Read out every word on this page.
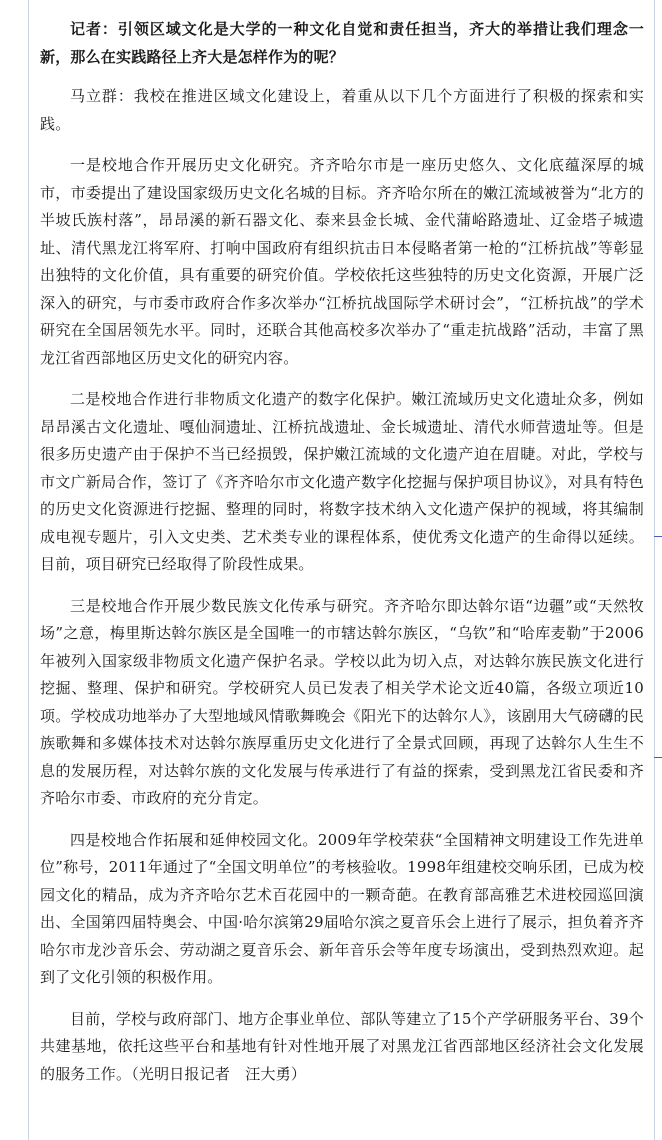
记者：引领区域文化是大学的一种文化自觉和责任担当，齐大的举措让我们理念一新，那么在实践路径上齐大是怎样作为的呢？

马立群：我校在推进区域文化建设上，着重从以下几个方面进行了积极的探索和实践。

一是校地合作开展历史文化研究。齐齐哈尔市是一座历史悠久、文化底蕴深厚的城市，市委提出了建设国家级历史文化名城的目标。齐齐哈尔所在的嫩江流域被誉为“北方的半坡氏族村落”，昂昂溪的新石器文化、泰来县金长城、金代蒲峪路遗址、辽金塔子城遗址、清代黑龙江将军府、打响中国政府有组织抗击日本侵略者第一枪的“江桥抗战”等彰显出独特的文化价值，具有重要的研究价值。学校依托这些独特的历史文化资源，开展广泛深入的研究，与市委市政府合作多次举办“江桥抗战国际学术研讨会”，“江桥抗战”的学术研究在全国居领先水平。同时，还联合其他高校多次举办了“重走抗战路”活动，丰富了黑龙江省西部地区历史文化的研究内容。

二是校地合作进行非物质文化遗产的数字化保护。嫩江流域历史文化遗址众多，例如昂昂溪古文化遗址、嘎仙洞遗址、江桥抗战遗址、金长城遗址、清代水师营遗址等。但是很多历史遗产由于保护不当已经损毁，保护嫩江流域的文化遗产迫在眉睫。对此，学校与市文广新局合作，签订了《齐齐哈尔市文化遗产数字化挖掘与保护项目协议》，对具有特色的历史文化资源进行挖掘、整理的同时，将数字技术纳入文化遗产保护的视域，将其编制成电视专题片，引入文史类、艺术类专业的课程体系，使优秀文化遗产的生命得以延续。目前，项目研究已经取得了阶段性成果。

三是校地合作开展少数民族文化传承与研究。齐齐哈尔即达斡尔语“边疆”或“天然牧场”之意，梅里斯达斡尔族区是全国唯一的市辖达斡尔族区，“乌钦”和“哈库麦勒”于2006年被列入国家级非物质文化遗产保护名录。学校以此为切入点，对达斡尔族民族文化进行挖掘、整理、保护和研究。学校研究人员已发表了相关学术论文近40篇，各级立项近10项。学校成功地举办了大型地域风情歌舞晚会《阳光下的达斡尔人》，该剧用大气磅礴的民族歌舞和多媒体技术对达斡尔族厚重历史文化进行了全景式回顾，再现了达斡尔人生生不息的发展历程，对达斡尔族的文化发展与传承进行了有益的探索，受到黑龙江省民委和齐齐哈尔市委、市政府的充分肯定。

四是校地合作拓展和延伸校园文化。2009年学校荣获“全国精神文明建设工作先进单位”称号，2011年通过了“全国文明单位”的考核验收。1998年组建校交响乐团，已成为校园文化的精品，成为齐齐哈尔艺术百花园中的一颗奇葩。在教育部高雅艺术进校园巡回演出、全国第四届特奥会、中国·哈尔滨第29届哈尔滨之夏音乐会上进行了展示，担负着齐齐哈尔市龙沙音乐会、劳动湖之夏音乐会、新年音乐会等年度专场演出，受到热烈欢迎。起到了文化引领的积极作用。

目前，学校与政府部门、地方企事业单位、部队等建立了15个产学研服务平台、39个共建基地，依托这些平台和基地有针对性地开展了对黑龙江省西部地区经济社会文化发展的服务工作。（光明日报记者　汪大勇）
